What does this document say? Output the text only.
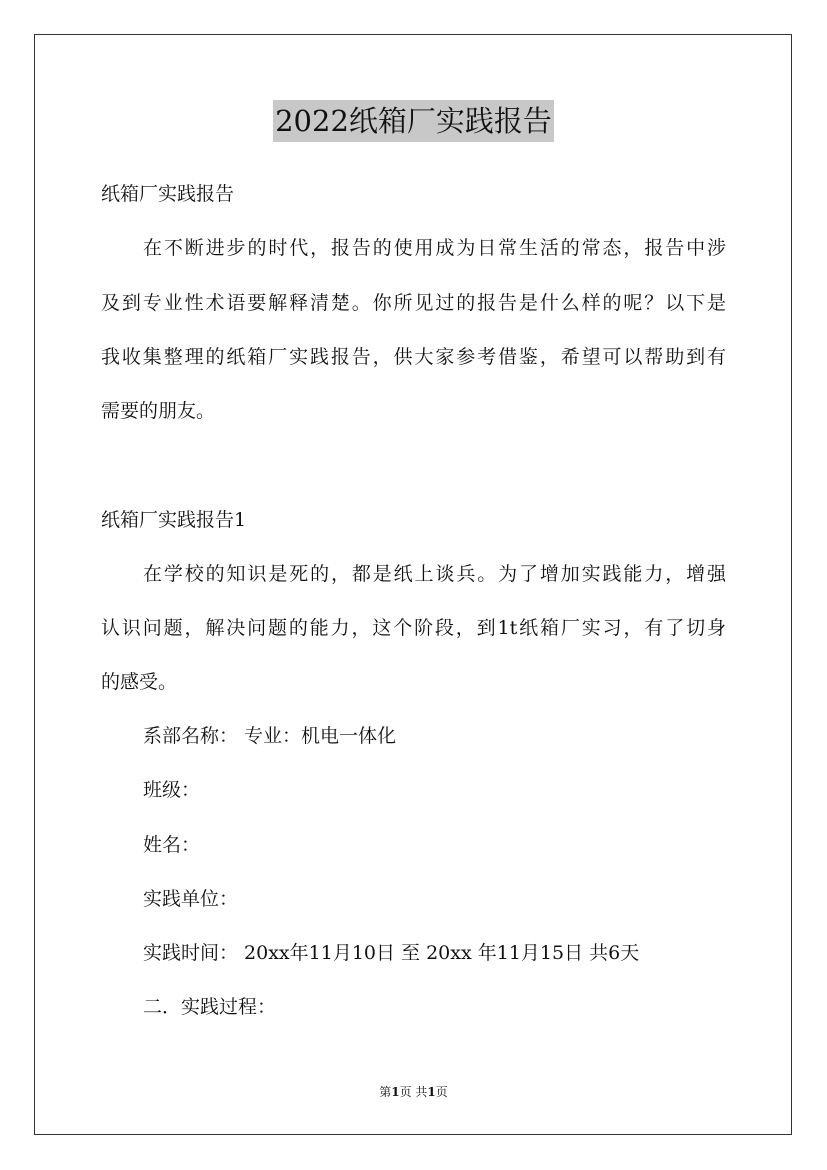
2022纸箱厂实践报告
纸箱厂实践报告
在不断进步的时代，报告的使用成为日常生活的常态，报告中涉
及到专业性术语要解释清楚。你所见过的报告是什么样的呢？以下是
我收集整理的纸箱厂实践报告，供大家参考借鉴，希望可以帮助到有
需要的朋友。
纸箱厂实践报告1
在学校的知识是死的，都是纸上谈兵。为了增加实践能力，增强
认识问题，解决问题的能力，这个阶段，到1t纸箱厂实习，有了切身
的感受。
系部名称： 专业：机电一体化
班级：
姓名：
实践单位：
实践时间： 20xx年11月10日 至 20xx 年11月15日 共6天
二．实践过程：
第1页 共1页
